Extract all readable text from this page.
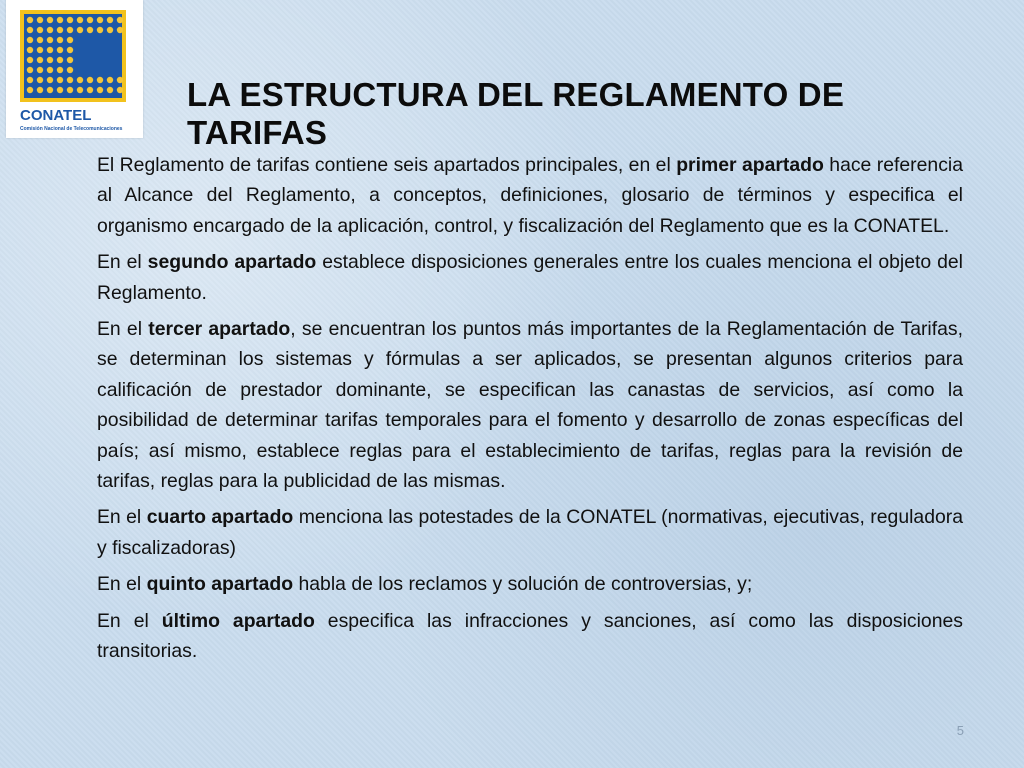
CONATEL
Comisión Nacional de Telecomunicaciones
LA ESTRUCTURA DEL REGLAMENTO DE TARIFAS

El Reglamento de tarifas contiene seis apartados principales, en el primer apartado hace referencia al Alcance del Reglamento, a conceptos, definiciones, glosario de términos y especifica el organismo encargado de la aplicación, control, y fiscalización del Reglamento que es la CONATEL.

En el segundo apartado establece disposiciones generales entre los cuales menciona el objeto del Reglamento.

En el tercer apartado, se encuentran los puntos más importantes de la Reglamentación de Tarifas, se determinan los sistemas y fórmulas a ser aplicados, se presentan algunos criterios para calificación de prestador dominante, se especifican las canastas de servicios, así como la posibilidad de determinar tarifas temporales para el fomento y desarrollo de zonas específicas del país; así mismo, establece reglas para el establecimiento de tarifas, reglas para la revisión de tarifas, reglas para la publicidad de las mismas.

En el cuarto apartado menciona las potestades de la CONATEL (normativas, ejecutivas, reguladora y fiscalizadoras)

En el quinto apartado habla de los reclamos y solución de controversias, y;

En el último apartado especifica las infracciones y sanciones, así como las disposiciones transitorias.

5
